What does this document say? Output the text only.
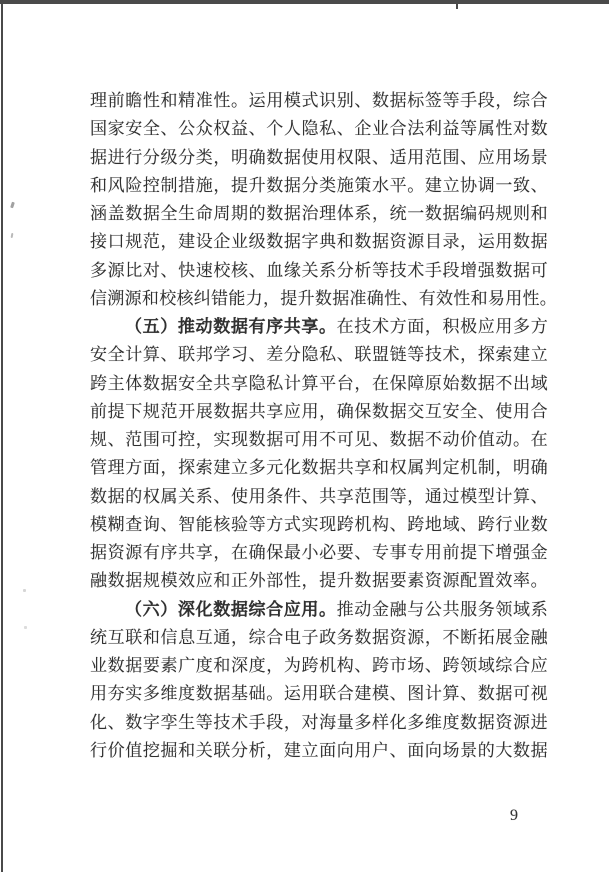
理前瞻性和精准性。运用模式识别、数据标签等手段，综合
国家安全、公众权益、个人隐私、企业合法利益等属性对数
据进行分级分类，明确数据使用权限、适用范围、应用场景
和风险控制措施，提升数据分类施策水平。建立协调一致、
涵盖数据全生命周期的数据治理体系，统一数据编码规则和
接口规范，建设企业级数据字典和数据资源目录，运用数据
多源比对、快速校核、血缘关系分析等技术手段增强数据可
信溯源和校核纠错能力，提升数据准确性、有效性和易用性。
（五）推动数据有序共享。在技术方面，积极应用多方
安全计算、联邦学习、差分隐私、联盟链等技术，探索建立
跨主体数据安全共享隐私计算平台，在保障原始数据不出域
前提下规范开展数据共享应用，确保数据交互安全、使用合
规、范围可控，实现数据可用不可见、数据不动价值动。在
管理方面，探索建立多元化数据共享和权属判定机制，明确
数据的权属关系、使用条件、共享范围等，通过模型计算、
模糊查询、智能核验等方式实现跨机构、跨地域、跨行业数
据资源有序共享，在确保最小必要、专事专用前提下增强金
融数据规模效应和正外部性，提升数据要素资源配置效率。
（六）深化数据综合应用。推动金融与公共服务领域系
统互联和信息互通，综合电子政务数据资源，不断拓展金融
业数据要素广度和深度，为跨机构、跨市场、跨领域综合应
用夯实多维度数据基础。运用联合建模、图计算、数据可视
化、数字孪生等技术手段，对海量多样化多维度数据资源进
行价值挖掘和关联分析，建立面向用户、面向场景的大数据
9
